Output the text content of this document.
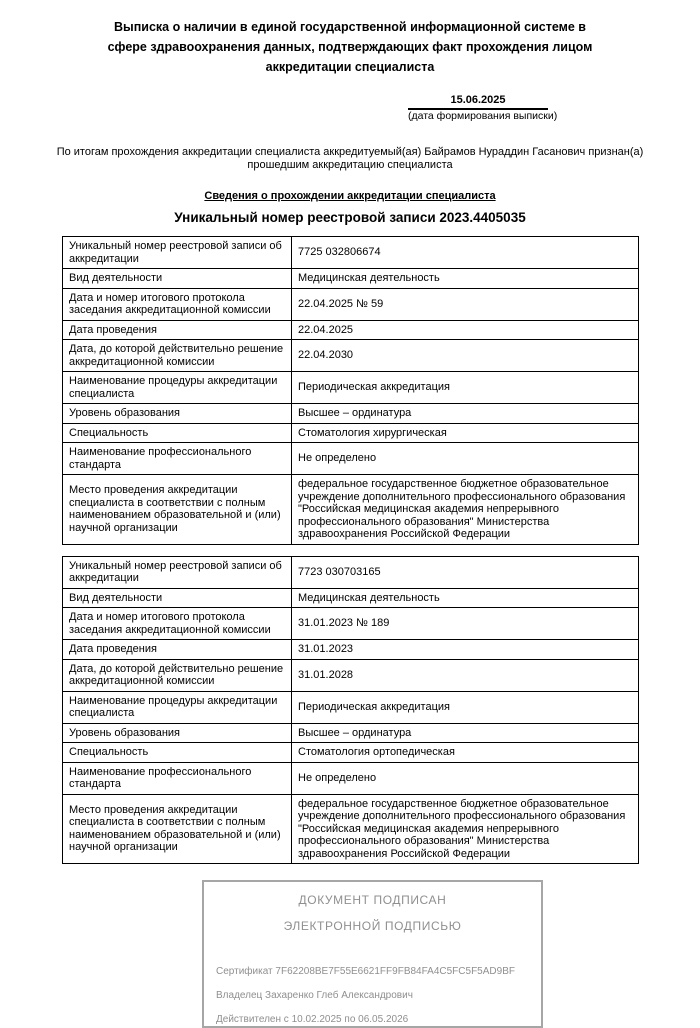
Выписка о наличии в единой государственной информационной системе в сфере здравоохранения данных, подтверждающих факт прохождения лицом аккредитации специалиста
15.06.2025
(дата формирования выписки)
По итогам прохождения аккредитации специалиста аккредитуемый(ая) Байрамов Нураддин Гасанович признан(а) прошедшим аккредитацию специалиста
Сведения о прохождении аккредитации специалиста
Уникальный номер реестровой записи 2023.4405035
Уникальный номер реестровой записи об аккредитации	7725 032806674
Вид деятельности	Медицинская деятельность
Дата и номер итогового протокола заседания аккредитационной комиссии	22.04.2025 № 59
Дата проведения	22.04.2025
Дата, до которой действительно решение аккредитационной комиссии	22.04.2030
Наименование процедуры аккредитации специалиста	Периодическая аккредитация
Уровень образования	Высшее – ординатура
Специальность	Стоматология хирургическая
Наименование профессионального стандарта	Не определено
Место проведения аккредитации специалиста в соответствии с полным наименованием образовательной и (или) научной организации	федеральное государственное бюджетное образовательное учреждение дополнительного профессионального образования "Российская медицинская академия непрерывного профессионального образования" Министерства здравоохранения Российской Федерации
Уникальный номер реестровой записи об аккредитации	7723 030703165
Вид деятельности	Медицинская деятельность
Дата и номер итогового протокола заседания аккредитационной комиссии	31.01.2023 № 189
Дата проведения	31.01.2023
Дата, до которой действительно решение аккредитационной комиссии	31.01.2028
Наименование процедуры аккредитации специалиста	Периодическая аккредитация
Уровень образования	Высшее – ординатура
Специальность	Стоматология ортопедическая
Наименование профессионального стандарта	Не определено
Место проведения аккредитации специалиста в соответствии с полным наименованием образовательной и (или) научной организации	федеральное государственное бюджетное образовательное учреждение дополнительного профессионального образования "Российская медицинская академия непрерывного профессионального образования" Министерства здравоохранения Российской Федерации
ДОКУМЕНТ ПОДПИСАН
ЭЛЕКТРОННОЙ ПОДПИСЬЮ
Сертификат 7F62208BE7F55E6621FF9FB84FA4C5FC5F5AD9BF
Владелец Захаренко Глеб Александрович
Действителен с 10.02.2025 по 06.05.2026
